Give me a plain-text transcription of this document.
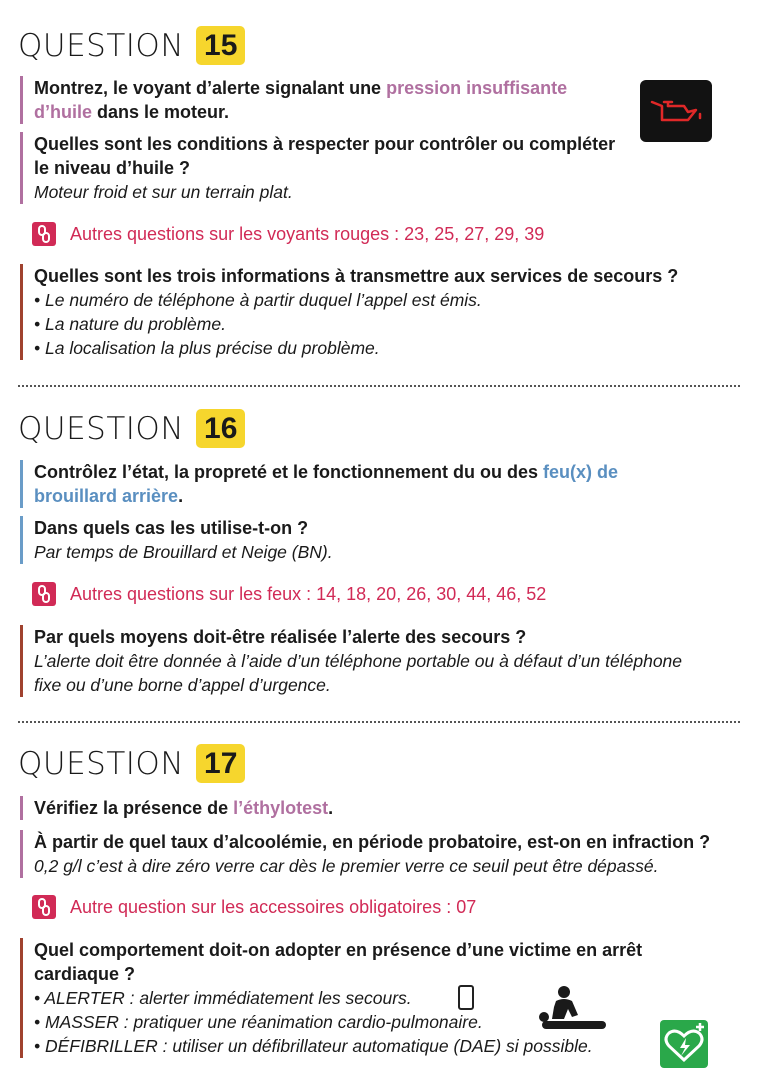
QUESTION 15
Montrez, le voyant d’alerte signalant une pression insuffisante d’huile dans le moteur.
Quelles sont les conditions à respecter pour contrôler ou compléter le niveau d’huile ?
Moteur froid et sur un terrain plat.
Autres questions sur les voyants rouges : 23, 25, 27, 29, 39
Quelles sont les trois informations à transmettre aux services de secours ?
• Le numéro de téléphone à partir duquel l’appel est émis.
• La nature du problème.
• La localisation la plus précise du problème.
QUESTION 16
Contrôlez l’état, la propreté et le fonctionnement du ou des feu(x) de brouillard arrière.
Dans quels cas les utilise-t-on ?
Par temps de Brouillard et Neige (BN).
Autres questions sur les feux : 14, 18, 20, 26, 30, 44, 46, 52
Par quels moyens doit-être réalisée l’alerte des secours ?
L’alerte doit être donnée à l’aide d’un téléphone portable ou à défaut d’un téléphone
fixe ou d’une borne d’appel d’urgence.
QUESTION 17
Vérifiez la présence de l’éthylotest.
À partir de quel taux d’alcoolémie, en période probatoire, est-on en infraction ?
0,2 g/l c’est à dire zéro verre car dès le premier verre ce seuil peut être dépassé.
Autre question sur les accessoires obligatoires : 07
Quel comportement doit-on adopter en présence d’une victime en arrêt cardiaque ?
• ALERTER : alerter immédiatement les secours.
• MASSER : pratiquer une réanimation cardio-pulmonaire.
• DÉFIBRILLER : utiliser un défibrillateur automatique (DAE) si possible.
